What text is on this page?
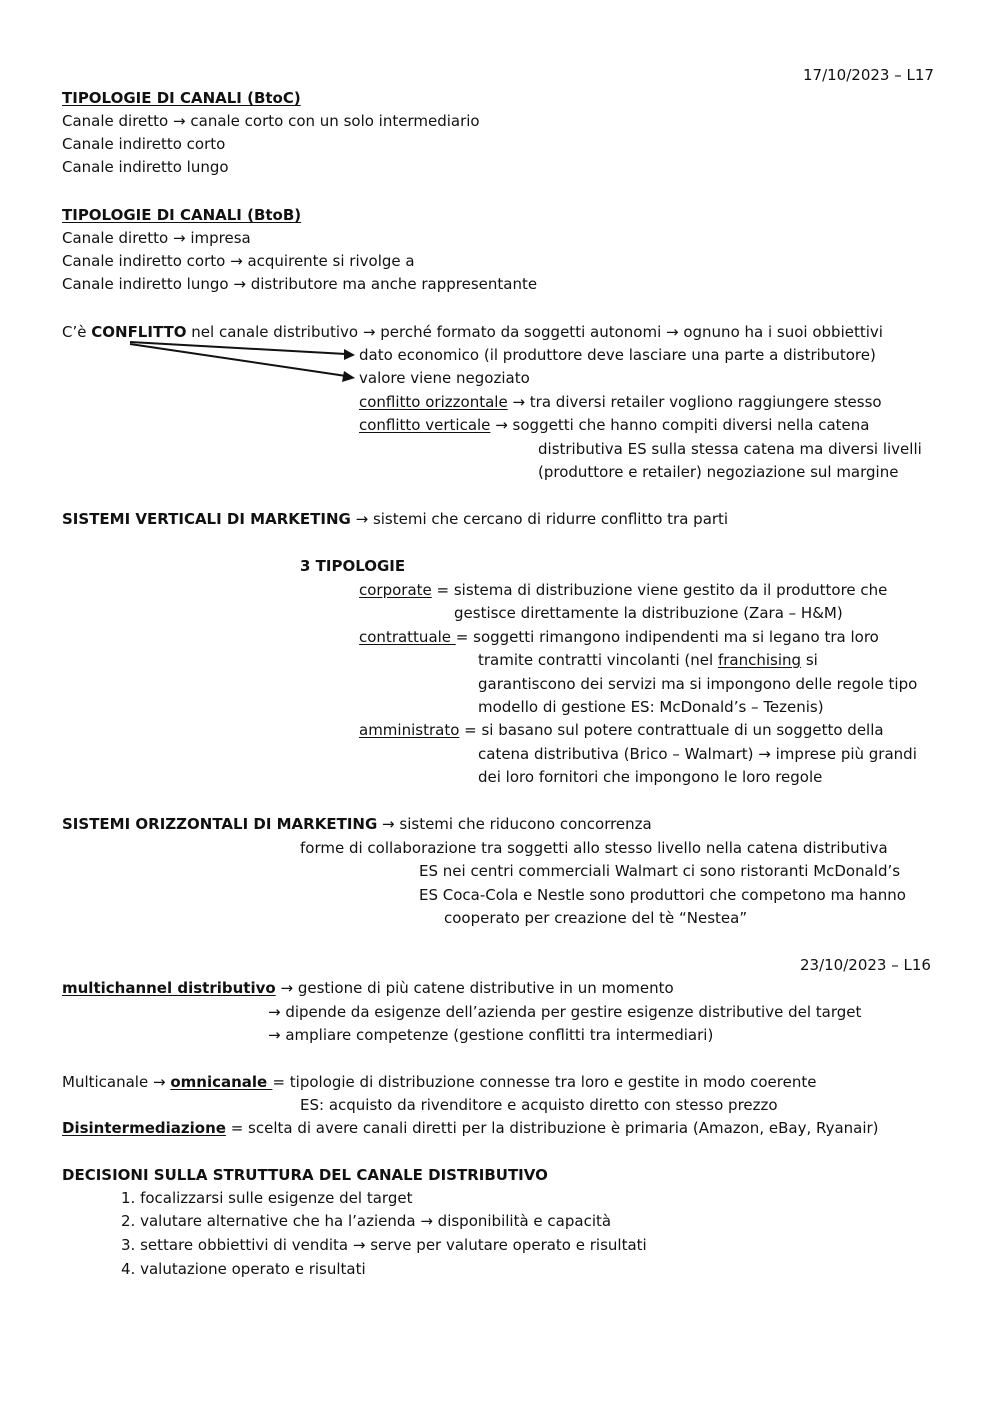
17/10/2023 – L17
TIPOLOGIE DI CANALI (BtoC)
Canale diretto → canale corto con un solo intermediario
Canale indiretto corto
Canale indiretto lungo
TIPOLOGIE DI CANALI (BtoB)
Canale diretto → impresa
Canale indiretto corto → acquirente si rivolge a
Canale indiretto lungo → distributore ma anche rappresentante
C’è CONFLITTO nel canale distributivo → perché formato da soggetti autonomi → ognuno ha i suoi obbiettivi
dato economico (il produttore deve lasciare una parte a distributore)
valore viene negoziato
conflitto orizzontale → tra diversi retailer vogliono raggiungere stesso
conflitto verticale → soggetti che hanno compiti diversi nella catena
distributiva ES sulla stessa catena ma diversi livelli
(produttore e retailer) negoziazione sul margine
SISTEMI VERTICALI DI MARKETING → sistemi che cercano di ridurre conflitto tra parti
3 TIPOLOGIE
corporate = sistema di distribuzione viene gestito da il produttore che
gestisce direttamente la distribuzione (Zara – H&M)
contrattuale = soggetti rimangono indipendenti ma si legano tra loro
tramite contratti vincolanti (nel franchising si
garantiscono dei servizi ma si impongono delle regole tipo
modello di gestione ES: McDonald’s – Tezenis)
amministrato = si basano sul potere contrattuale di un soggetto della
catena distributiva (Brico – Walmart) → imprese più grandi
dei loro fornitori che impongono le loro regole
SISTEMI ORIZZONTALI DI MARKETING → sistemi che riducono concorrenza
forme di collaborazione tra soggetti allo stesso livello nella catena distributiva
ES nei centri commerciali Walmart ci sono ristoranti McDonald’s
ES Coca-Cola e Nestle sono produttori che competono ma hanno
cooperato per creazione del tè “Nestea”
23/10/2023 – L16
multichannel distributivo → gestione di più catene distributive in un momento
→ dipende da esigenze dell’azienda per gestire esigenze distributive del target
→ ampliare competenze (gestione conflitti tra intermediari)
Multicanale → omnicanale = tipologie di distribuzione connesse tra loro e gestite in modo coerente
ES: acquisto da rivenditore e acquisto diretto con stesso prezzo
Disintermediazione = scelta di avere canali diretti per la distribuzione è primaria (Amazon, eBay, Ryanair)
DECISIONI SULLA STRUTTURA DEL CANALE DISTRIBUTIVO
1. focalizzarsi sulle esigenze del target
2. valutare alternative che ha l’azienda → disponibilità e capacità
3. settare obbiettivi di vendita → serve per valutare operato e risultati
4. valutazione operato e risultati
